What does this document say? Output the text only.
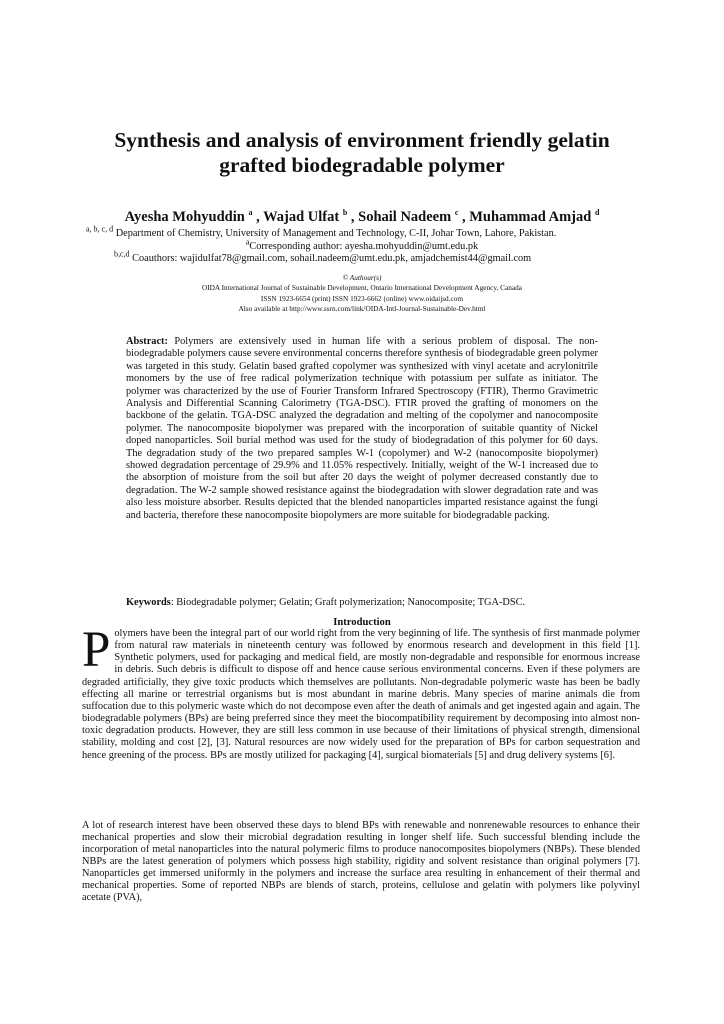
Synthesis and analysis of environment friendly gelatin
grafted biodegradable polymer
Ayesha Mohyuddin $^a$ , Wajad Ulfat $^b$ , Sohail Nadeem $^c$ , Muhammad Amjad $^d$
$^{a, b, c, d}$ Department of Chemistry, University of Management and Technology, C-II, Johar Town, Lahore, Pakistan.
$^a$Corresponding author: ayesha.mohyuddin@umt.edu.pk
$^{b,c,d}$ Coauthors: wajidulfat78@gmail.com, sohail.nadeem@umt.edu.pk, amjadchemist44@gmail.com
© Authour(s)
OIDA International Journal of Sustainable Development, Ontario International Development Agency, Canada
ISSN 1923-6654 (print) ISSN 1923-6662 (online) www.oidaijsd.com
Also available at http://www.ssrn.com/link/OIDA-Intl-Journal-Sustainable-Dev.html
Abstract: Polymers are extensively used in human life with a serious problem of disposal. The non-biodegradable polymers cause severe environmental concerns therefore synthesis of biodegradable green polymer was targeted in this study. Gelatin based grafted copolymer was synthesized with vinyl acetate and acrylonitrile monomers by the use of free radical polymerization technique with potassium per sulfate as initiator. The polymer was characterized by the use of Fourier Transform Infrared Spectroscopy (FTIR), Thermo Gravimetric Analysis and Differential Scanning Calorimetry (TGA-DSC). FTIR proved the grafting of monomers on the backbone of the gelatin. TGA-DSC analyzed the degradation and melting of the copolymer and nanocomposite polymer. The nanocomposite biopolymer was prepared with the incorporation of suitable quantity of Nickel doped nanoparticles. Soil burial method was used for the study of biodegradation of this polymer for 60 days. The degradation study of the two prepared samples W-1 (copolymer) and W-2 (nanocomposite biopolymer) showed degradation percentage of 29.9% and 11.05% respectively. Initially, weight of the W-1 increased due to the absorption of moisture from the soil but after 20 days the weight of polymer decreased constantly due to degradation. The W-2 sample showed resistance against the biodegradation with slower degradation rate and was also less moisture absorber. Results depicted that the blended nanoparticles imparted resistance against the fungi and bacteria, therefore these nanocomposite biopolymers are more suitable for biodegradable packing.
Keywords: Biodegradable polymer; Gelatin; Graft polymerization; Nanocomposite; TGA-DSC.
Introduction
Polymers have been the integral part of our world right from the very beginning of life. The synthesis of first manmade polymer from natural raw materials in nineteenth century was followed by enormous research and development in this field [1]. Synthetic polymers, used for packaging and medical field, are mostly non-degradable and responsible for enormous increase in debris. Such debris is difficult to dispose off and hence cause serious environmental concerns. Even if these polymers are degraded artificially, they give toxic products which themselves are pollutants. Non-degradable polymeric waste has been be badly effecting all marine or terrestrial organisms but is most abundant in marine debris. Many species of marine animals die from suffocation due to this polymeric waste which do not decompose even after the death of animals and get ingested again and again. The biodegradable polymers (BPs) are being preferred since they meet the biocompatibility requirement by decomposing into almost non-toxic degradation products. However, they are still less common in use because of their limitations of physical strength, dimensional stability, molding and cost [2], [3]. Natural resources are now widely used for the preparation of BPs for carbon sequestration and hence greening of the process. BPs are mostly utilized for packaging [4], surgical biomaterials [5] and drug delivery systems [6].
A lot of research interest have been observed these days to blend BPs with renewable and nonrenewable resources to enhance their mechanical properties and slow their microbial degradation resulting in longer shelf life. Such successful blending include the incorporation of metal nanoparticles into the natural polymeric films to produce nanocomposites biopolymers (NBPs). These blended NBPs are the latest generation of polymers which possess high stability, rigidity and solvent resistance than original polymers [7]. Nanoparticles get immersed uniformly in the polymers and increase the surface area resulting in enhancement of their thermal and mechanical properties. Some of reported NBPs are blends of starch, proteins, cellulose and gelatin with polymers like polyvinyl acetate (PVA),
